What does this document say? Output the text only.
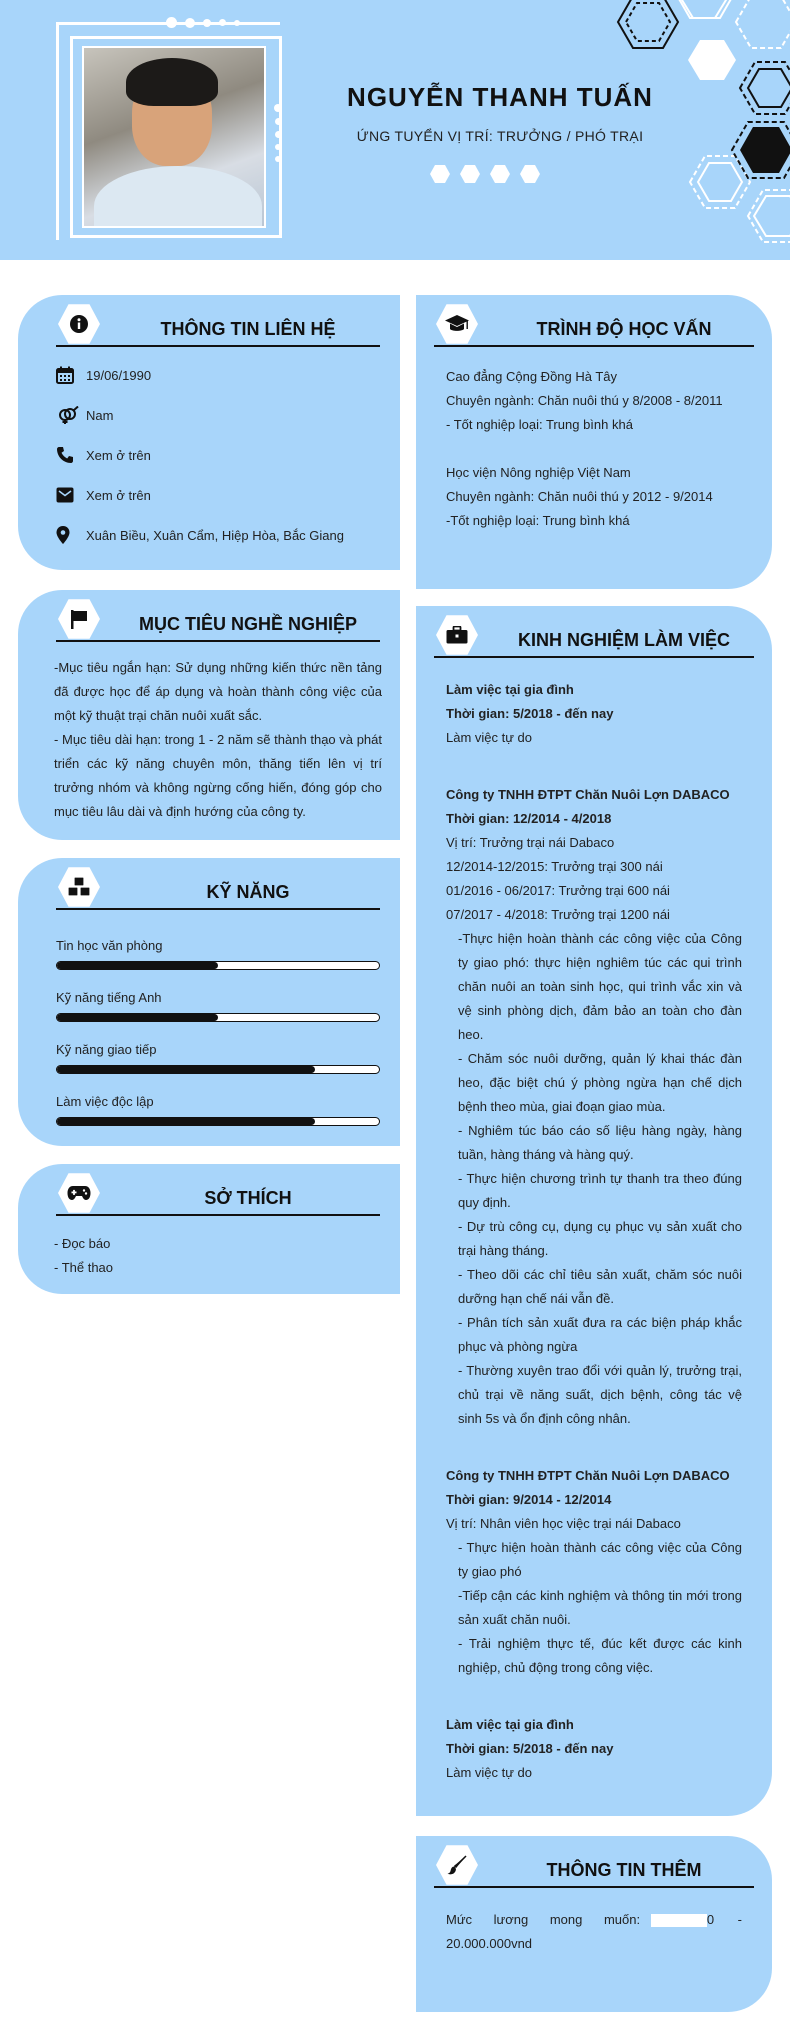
NGUYỄN THANH TUẤN
ỨNG TUYỂN VỊ TRÍ: TRƯỞNG / PHÓ TRẠI
THÔNG TIN LIÊN HỆ
19/06/1990
Nam
Xem ở trên
Xem ở trên
Xuân Biều, Xuân Cẩm, Hiệp Hòa, Bắc Giang
MỤC TIÊU NGHỀ NGHIỆP
-Mục tiêu ngắn hạn: Sử dụng những kiến thức nền tảng đã được học để áp dụng và hoàn thành công việc của một kỹ thuật trại chăn nuôi xuất sắc.
- Mục tiêu dài hạn: trong 1 - 2 năm sẽ thành thạo và phát triển các kỹ năng chuyên môn, thăng tiến lên vị trí trưởng nhóm và không ngừng cống hiến, đóng góp cho mục tiêu lâu dài và định hướng của công ty.
KỸ NĂNG
Tin học văn phòng
Kỹ năng tiếng Anh
Kỹ năng giao tiếp
Làm việc độc lập
SỞ THÍCH
- Đọc báo
- Thể thao
TRÌNH ĐỘ HỌC VẤN
Cao đẳng Cộng Đồng Hà Tây
Chuyên ngành: Chăn nuôi thú y 8/2008 - 8/2011
- Tốt nghiệp loại: Trung bình khá
Học viện Nông nghiệp Việt Nam
Chuyên ngành: Chăn nuôi thú y 2012 - 9/2014
-Tốt nghiệp loại: Trung bình khá
KINH NGHIỆM LÀM VIỆC
Làm việc tại gia đình
Thời gian: 5/2018 - đến nay
Làm việc tự do
Công ty TNHH ĐTPT Chăn Nuôi Lợn DABACO
Thời gian: 12/2014 - 4/2018
Vị trí: Trưởng trại nái Dabaco
12/2014-12/2015: Trưởng trại 300 nái
01/2016 - 06/2017: Trưởng trại 600 nái
07/2017 - 4/2018: Trưởng trại 1200 nái
-Thực hiện hoàn thành các công việc của Công ty giao phó: thực hiện nghiêm túc các qui trình chăn nuôi an toàn sinh học, qui trình vắc xin và vệ sinh phòng dịch, đảm bảo an toàn cho đàn heo.
- Chăm sóc nuôi dưỡng, quản lý khai thác đàn heo, đặc biệt chú ý phòng ngừa hạn chế dịch bệnh theo mùa, giai đoạn giao mùa.
- Nghiêm túc báo cáo số liệu hàng ngày, hàng tuần, hàng tháng và hàng quý.
- Thực hiện chương trình tự thanh tra theo đúng quy định.
- Dự trù công cụ, dụng cụ phục vụ sản xuất cho trại hàng tháng.
- Theo dõi các chỉ tiêu sản xuất, chăm sóc nuôi dưỡng hạn chế nái vẫn đề.
- Phân tích sản xuất đưa ra các biện pháp khắc phục và phòng ngừa
- Thường xuyên trao đổi với quản lý, trưởng trại, chủ trại về năng suất, dịch bệnh, công tác vệ sinh 5s và ổn định công nhân.
Công ty TNHH ĐTPT Chăn Nuôi Lợn DABACO
Thời gian: 9/2014 - 12/2014
Vị trí: Nhân viên học việc trại nái Dabaco
- Thực hiện hoàn thành các công việc của Công ty giao phó
-Tiếp cận các kinh nghiệm và thông tin mới trong sản xuất chăn nuôi.
- Trải nghiệm thực tế, đúc kết được các kinh nghiệp, chủ động trong công việc.
Làm việc tại gia đình
Thời gian: 5/2018 - đến nay
Làm việc tự do
THÔNG TIN THÊM
Mức lương mong muốn:	0 -
20.000.000vnd
